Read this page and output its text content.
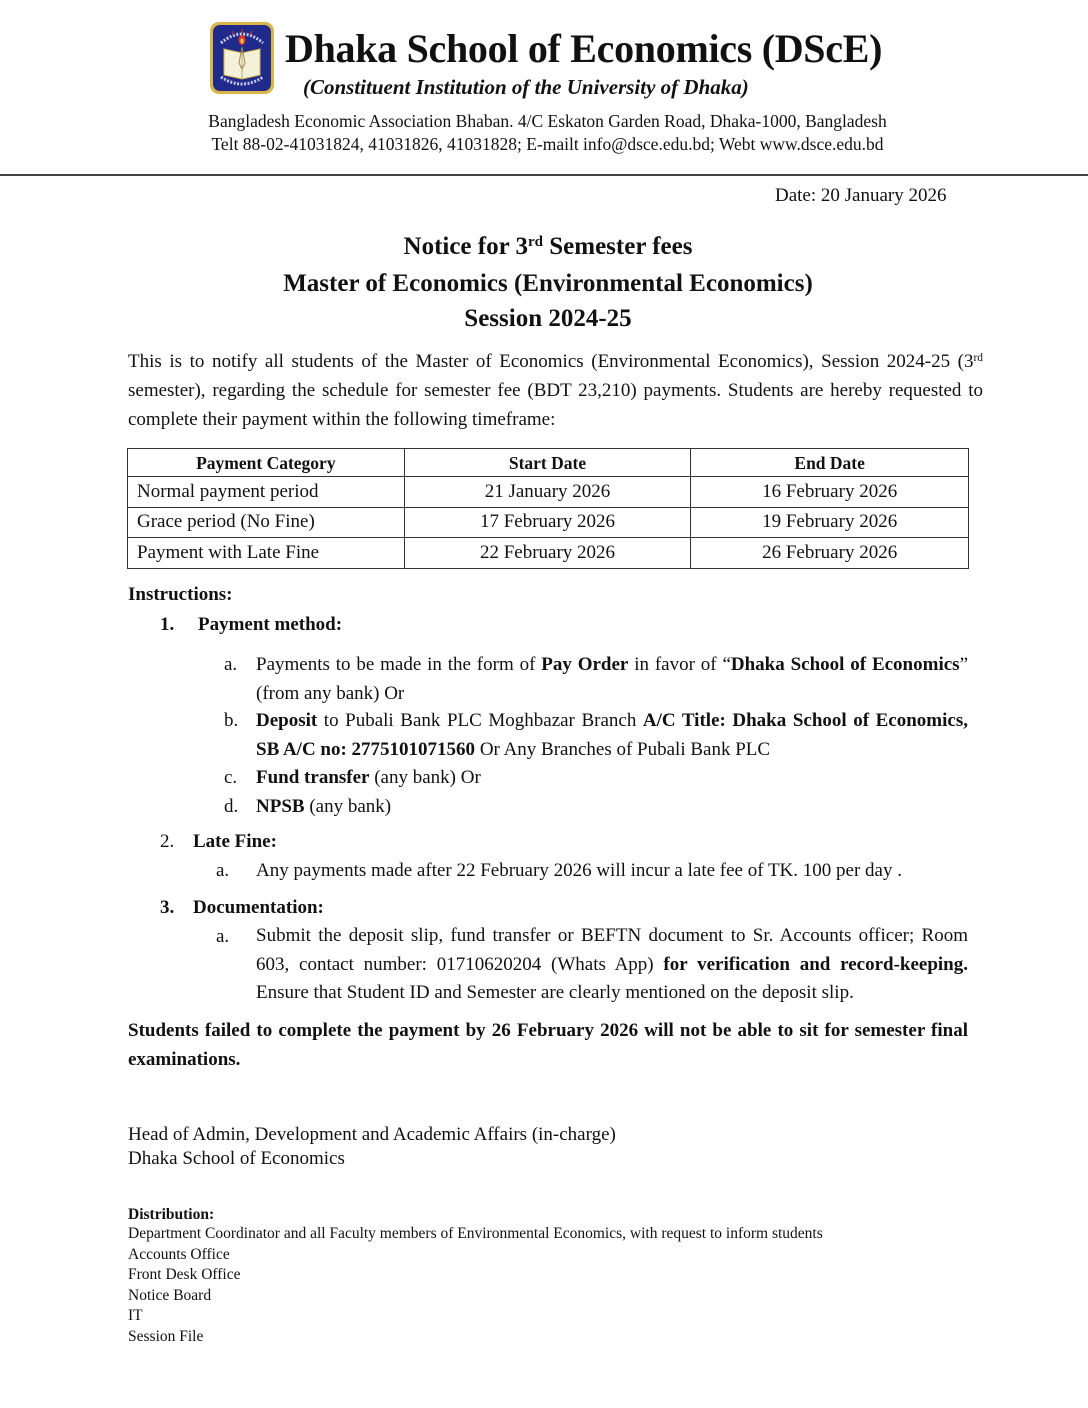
Dhaka School of Economics (DScE)
(Constituent Institution of the University of Dhaka)
Bangladesh Economic Association Bhaban. 4/C Eskaton Garden Road, Dhaka-1000, Bangladesh
Telt 88-02-41031824, 41031826, 41031828; E-mailt info@dsce.edu.bd; Webt www.dsce.edu.bd
Date: 20 January 2026
Notice for 3rd Semester fees
Master of Economics (Environmental Economics)
Session 2024-25
This is to notify all students of the Master of Economics (Environmental Economics), Session 2024-25 (3rd semester), regarding the schedule for semester fee (BDT 23,210) payments. Students are hereby requested to complete their payment within the following timeframe:
Payment Category	Start Date	End Date
Normal payment period	21 January 2026	16 February 2026
Grace period (No Fine)	17 February 2026	19 February 2026
Payment with Late Fine	22 February 2026	26 February 2026
Instructions:
1. Payment method:
a. Payments to be made in the form of Pay Order in favor of “Dhaka School of Economics” (from any bank) Or
b. Deposit to Pubali Bank PLC Moghbazar Branch A/C Title: Dhaka School of Economics, SB A/C no: 2775101071560 Or Any Branches of Pubali Bank PLC
c. Fund transfer (any bank) Or
d. NPSB (any bank)
2. Late Fine:
a. Any payments made after 22 February 2026 will incur a late fee of TK. 100 per day .
3. Documentation:
a. Submit the deposit slip, fund transfer or BEFTN document to Sr. Accounts officer; Room 603, contact number: 01710620204 (Whats App) for verification and record-keeping. Ensure that Student ID and Semester are clearly mentioned on the deposit slip.
Students failed to complete the payment by 26 February 2026 will not be able to sit for semester final examinations.
Head of Admin, Development and Academic Affairs (in-charge)
Dhaka School of Economics
Distribution:
Department Coordinator and all Faculty members of Environmental Economics, with request to inform students
Accounts Office
Front Desk Office
Notice Board
IT
Session File
